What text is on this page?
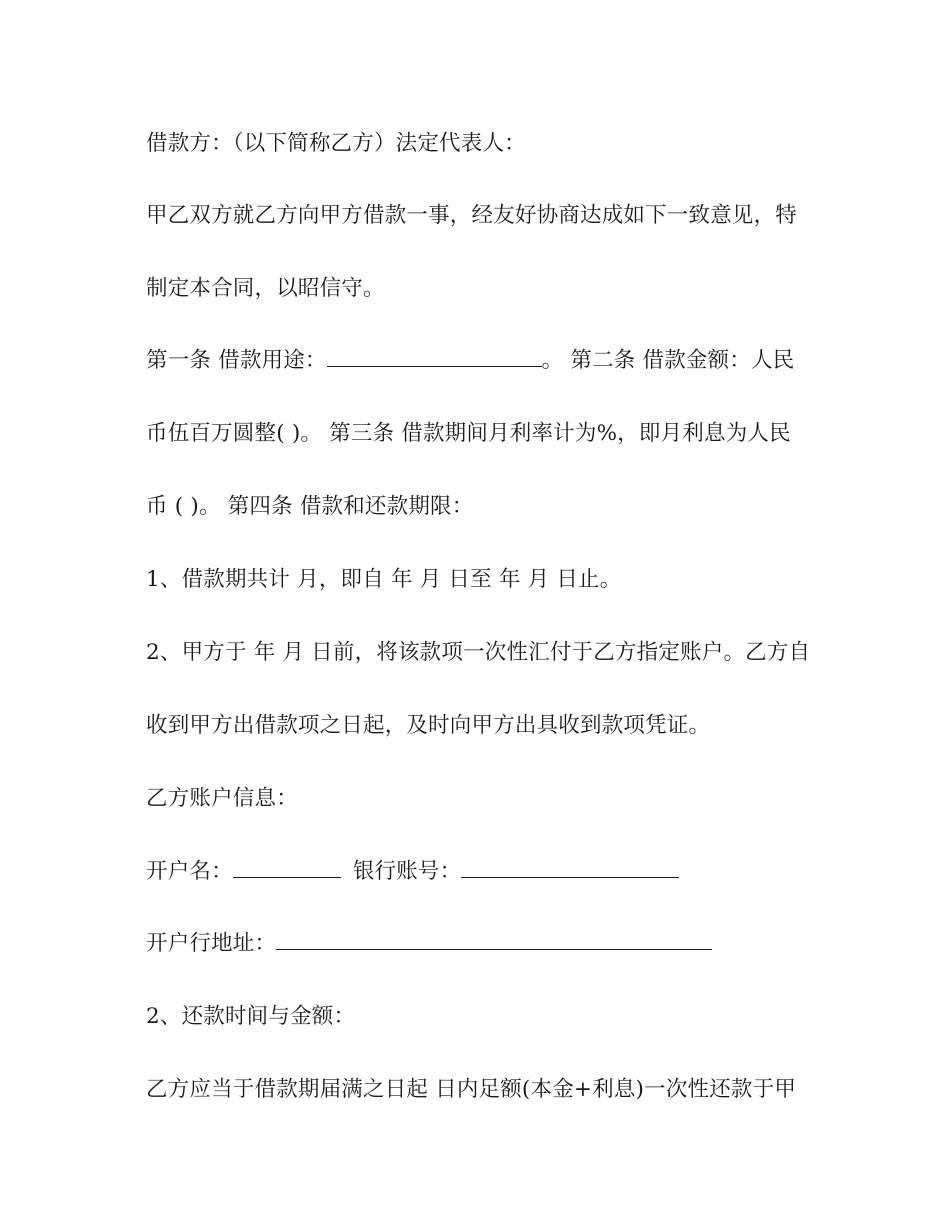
借款方：（以下简称乙方）法定代表人：
甲乙双方就乙方向甲方借款一事，经友好协商达成如下一致意见，特
制定本合同，以昭信守。
第一条 借款用途：	。 第二条 借款金额：人民
币伍百万圆整( )。 第三条 借款期间月利率计为%，即月利息为人民
币 ( )。 第四条 借款和还款期限：
1、借款期共计 月，即自 年 月 日至 年 月 日止。
2、甲方于 年 月 日前，将该款项一次性汇付于乙方指定账户。乙方自
收到甲方出借款项之日起，及时向甲方出具收到款项凭证。
乙方账户信息：
开户名：	银行账号：
开户行地址：
2、还款时间与金额：
乙方应当于借款期届满之日起 日内足额(本金+利息)一次性还款于甲
